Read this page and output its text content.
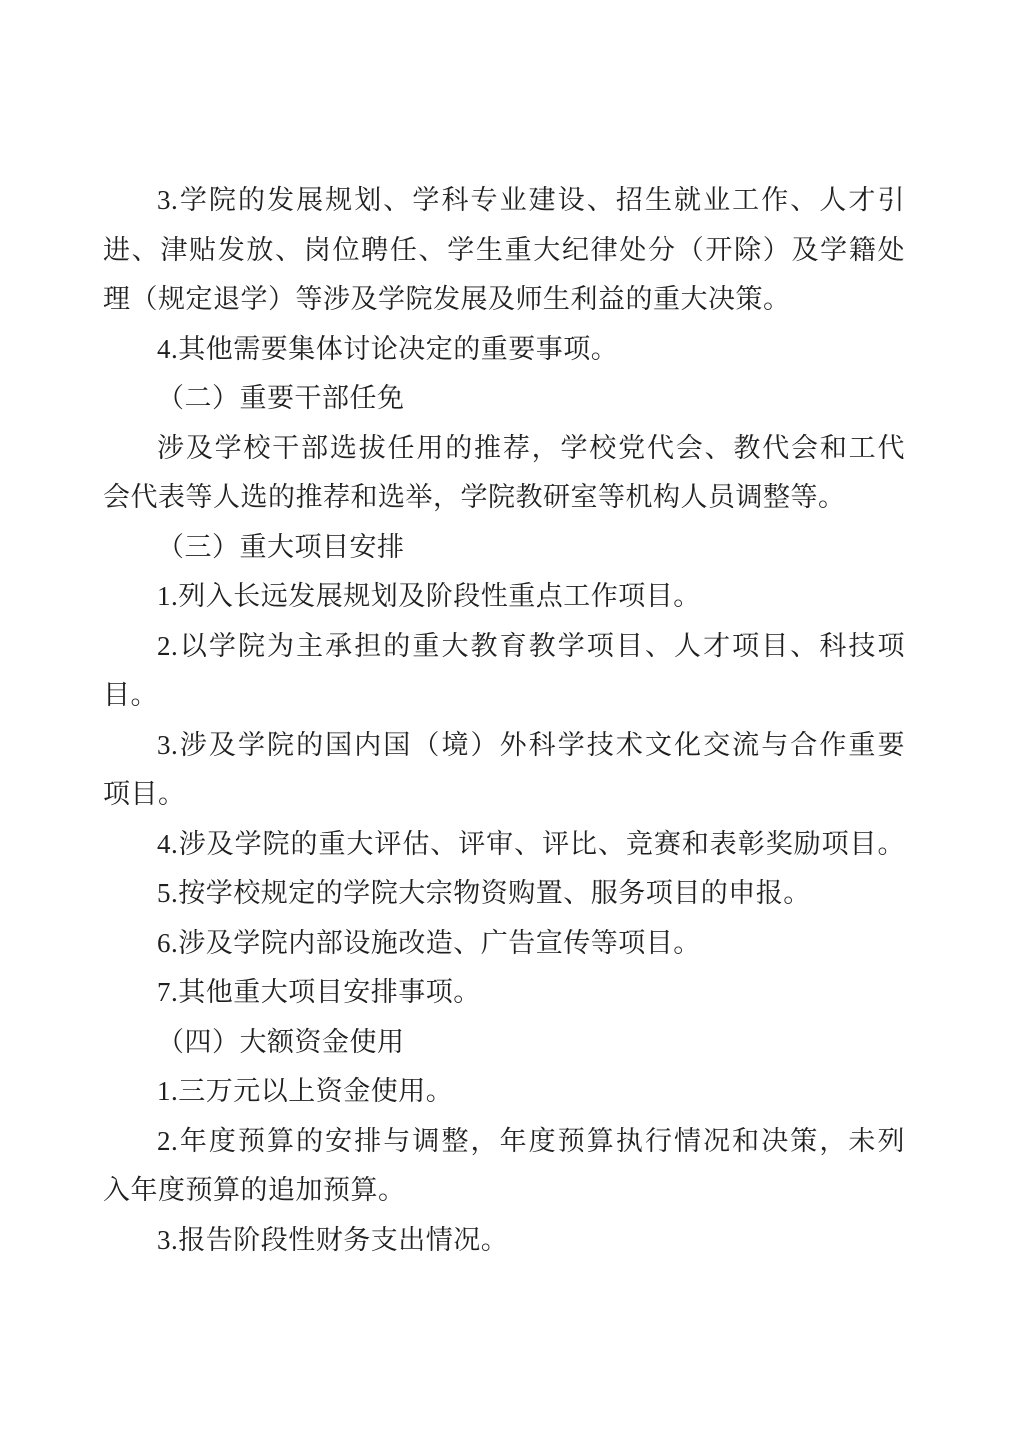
3.学院的发展规划、学科专业建设、招生就业工作、人才引
进、津贴发放、岗位聘任、学生重大纪律处分（开除）及学籍处
理（规定退学）等涉及学院发展及师生利益的重大决策。
4.其他需要集体讨论决定的重要事项。
（二）重要干部任免
涉及学校干部选拔任用的推荐，学校党代会、教代会和工代
会代表等人选的推荐和选举，学院教研室等机构人员调整等。
（三）重大项目安排
1.列入长远发展规划及阶段性重点工作项目。
2.以学院为主承担的重大教育教学项目、人才项目、科技项
目。
3.涉及学院的国内国（境）外科学技术文化交流与合作重要
项目。
4.涉及学院的重大评估、评审、评比、竞赛和表彰奖励项目。
5.按学校规定的学院大宗物资购置、服务项目的申报。
6.涉及学院内部设施改造、广告宣传等项目。
7.其他重大项目安排事项。
（四）大额资金使用
1.三万元以上资金使用。
2.年度预算的安排与调整，年度预算执行情况和决策，未列
入年度预算的追加预算。
3.报告阶段性财务支出情况。
